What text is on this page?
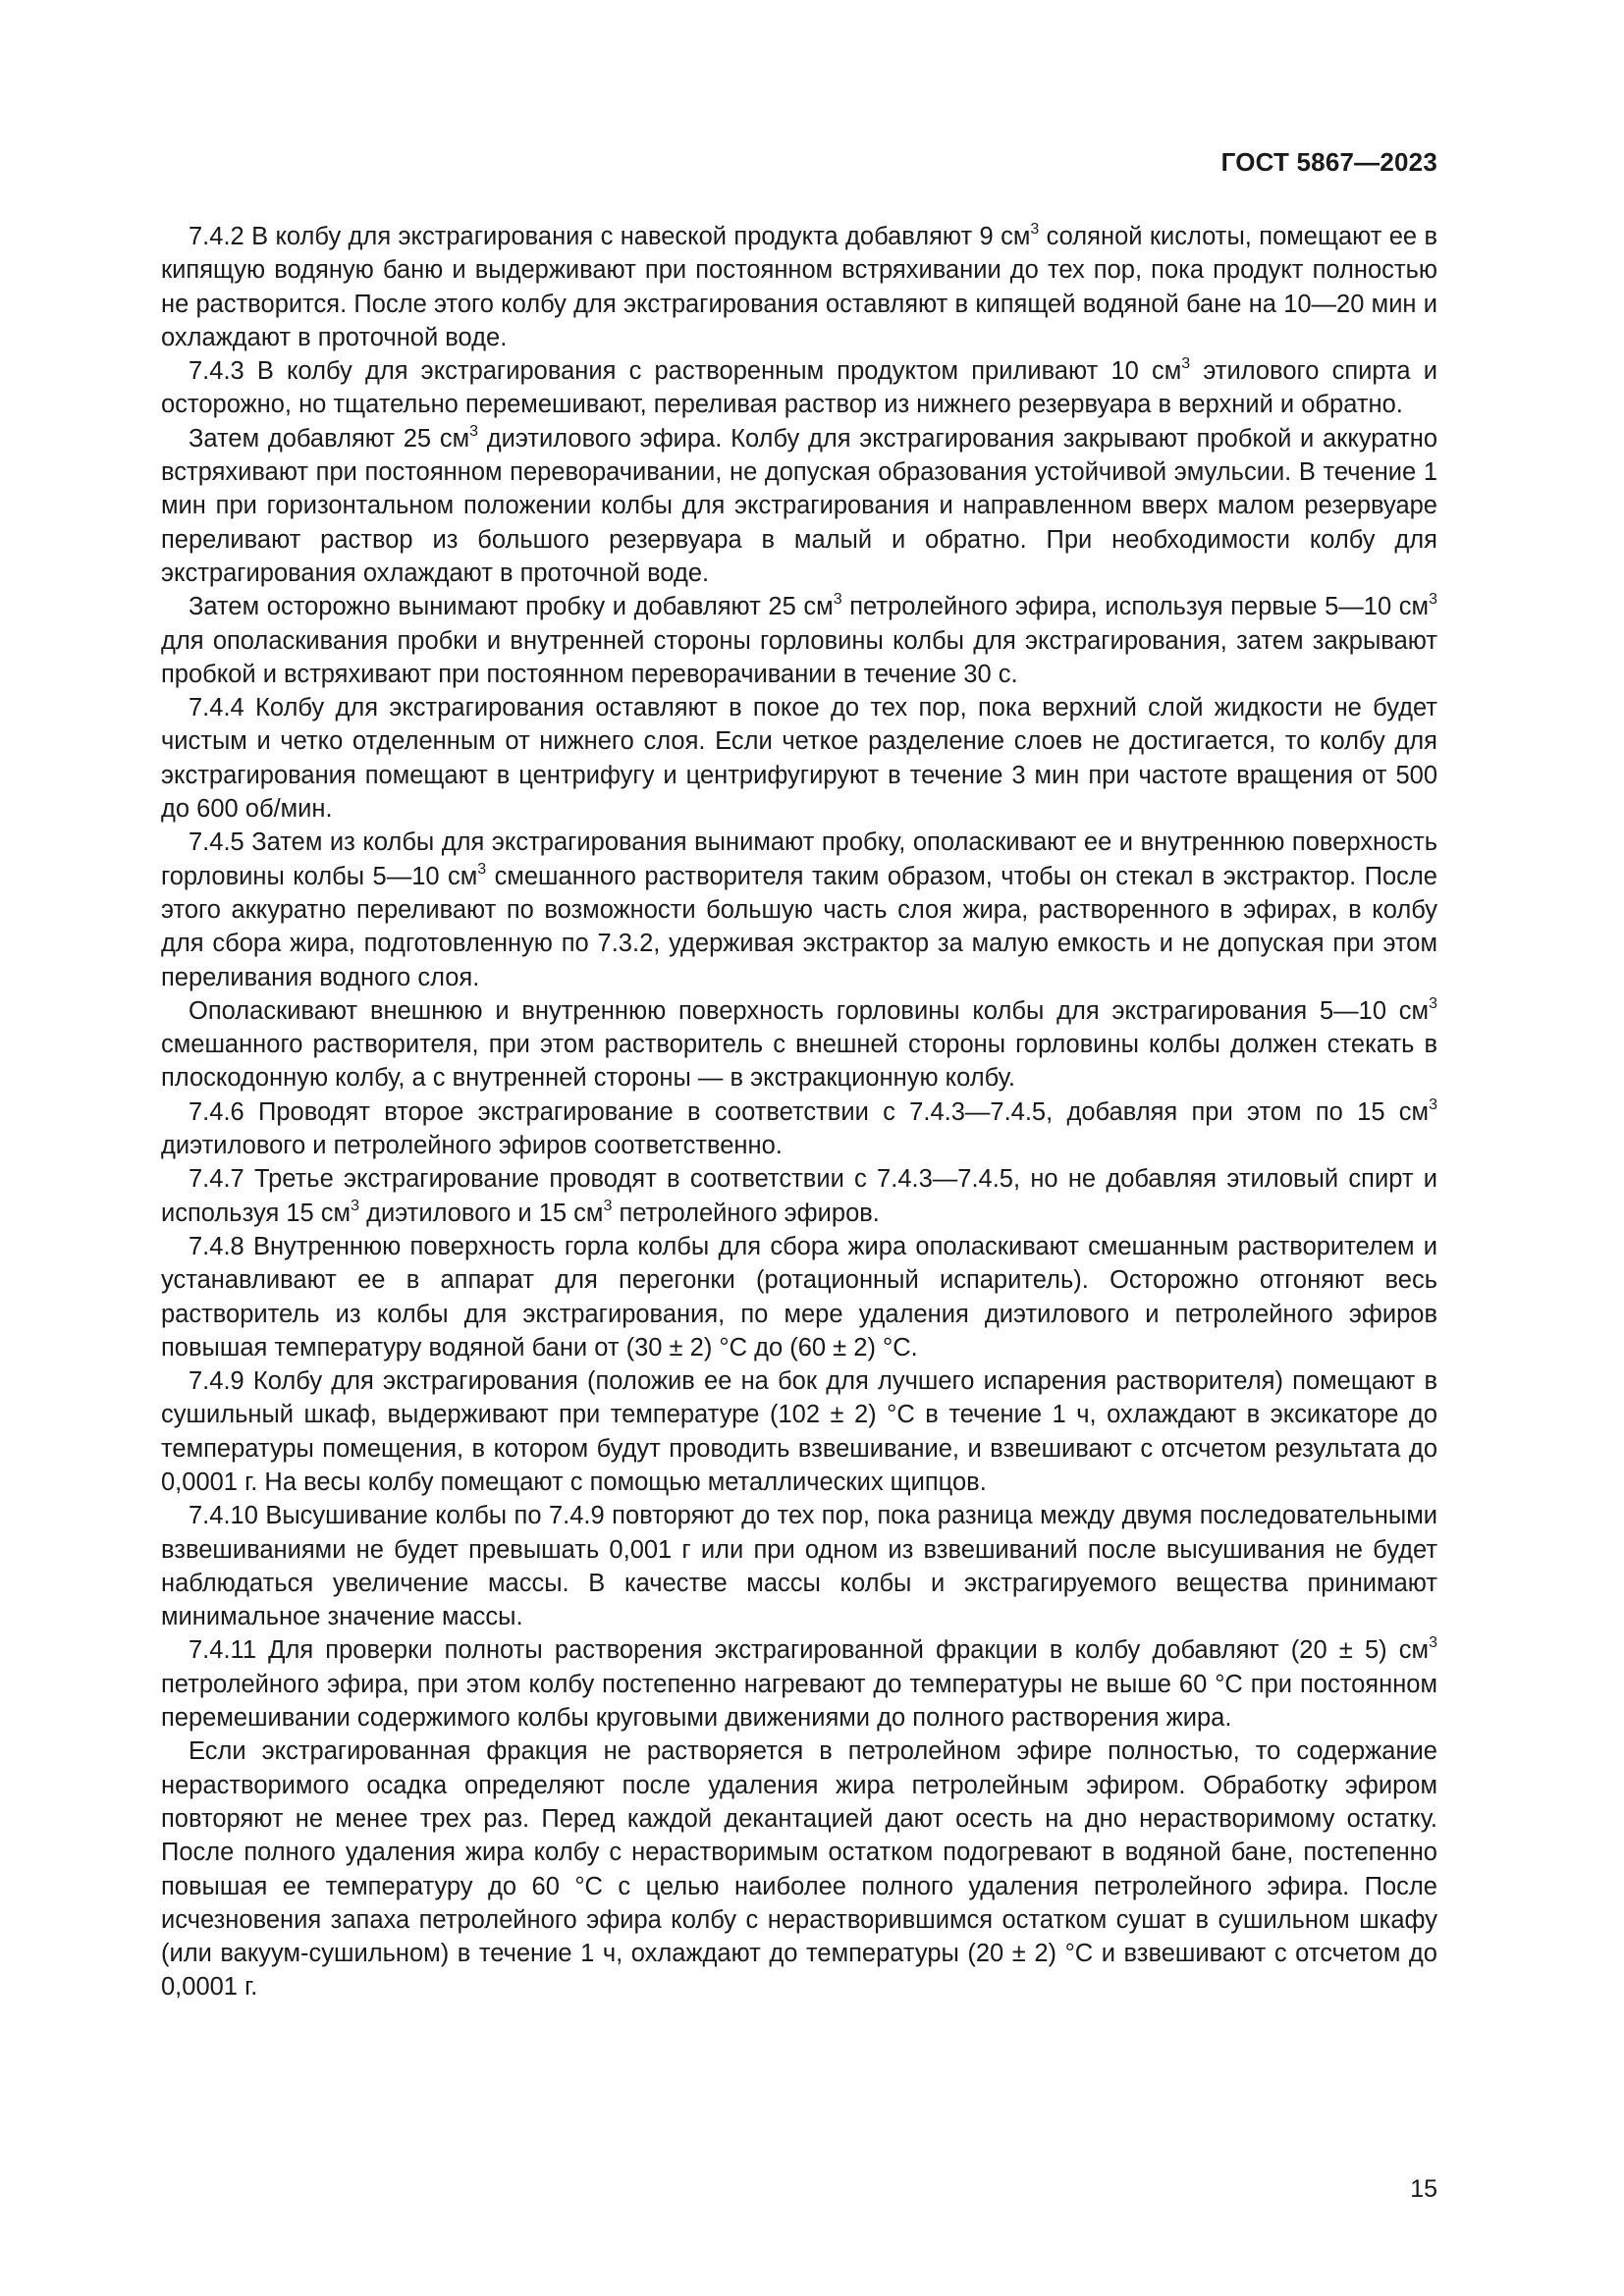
ГОСТ 5867—2023

7.4.2 В колбу для экстрагирования с навеской продукта добавляют 9 $см^3$ соляной кислоты, помещают ее в кипящую водяную баню и выдерживают при постоянном встряхивании до тех пор, пока продукт полностью не растворится. После этого колбу для экстрагирования оставляют в кипящей водяной бане на 10—20 мин и охлаждают в проточной воде.

7.4.3 В колбу для экстрагирования с растворенным продуктом приливают 10 $см^3$ этилового спирта и осторожно, но тщательно перемешивают, переливая раствор из нижнего резервуара в верхний и обратно.

Затем добавляют 25 $см^3$ диэтилового эфира. Колбу для экстрагирования закрывают пробкой и аккуратно встряхивают при постоянном переворачивании, не допуская образования устойчивой эмульсии. В течение 1 мин при горизонтальном положении колбы для экстрагирования и направленном вверх малом резервуаре переливают раствор из большого резервуара в малый и обратно. При необходимости колбу для экстрагирования охлаждают в проточной воде.

Затем осторожно вынимают пробку и добавляют 25 $см^3$ петролейного эфира, используя первые 5—10 $см^3$ для ополаскивания пробки и внутренней стороны горловины колбы для экстрагирования, затем закрывают пробкой и встряхивают при постоянном переворачивании в течение 30 с.

7.4.4 Колбу для экстрагирования оставляют в покое до тех пор, пока верхний слой жидкости не будет чистым и четко отделенным от нижнего слоя. Если четкое разделение слоев не достигается, то колбу для экстрагирования помещают в центрифугу и центрифугируют в течение 3 мин при частоте вращения от 500 до 600 об/мин.

7.4.5 Затем из колбы для экстрагирования вынимают пробку, ополаскивают ее и внутреннюю поверхность горловины колбы 5—10 $см^3$ смешанного растворителя таким образом, чтобы он стекал в экстрактор. После этого аккуратно переливают по возможности большую часть слоя жира, растворенного в эфирах, в колбу для сбора жира, подготовленную по 7.3.2, удерживая экстрактор за малую емкость и не допуская при этом переливания водного слоя.

Ополаскивают внешнюю и внутреннюю поверхность горловины колбы для экстрагирования 5—10 $см^3$ смешанного растворителя, при этом растворитель с внешней стороны горловины колбы должен стекать в плоскодонную колбу, а с внутренней стороны — в экстракционную колбу.

7.4.6 Проводят второе экстрагирование в соответствии с 7.4.3—7.4.5, добавляя при этом по 15 $см^3$ диэтилового и петролейного эфиров соответственно.

7.4.7 Третье экстрагирование проводят в соответствии с 7.4.3—7.4.5, но не добавляя этиловый спирт и используя 15 $см^3$ диэтилового и 15 $см^3$ петролейного эфиров.

7.4.8 Внутреннюю поверхность горла колбы для сбора жира ополаскивают смешанным растворителем и устанавливают ее в аппарат для перегонки (ротационный испаритель). Осторожно отгоняют весь растворитель из колбы для экстрагирования, по мере удаления диэтилового и петролейного эфиров повышая температуру водяной бани от (30 ± 2) °С до (60 ± 2) °С.

7.4.9 Колбу для экстрагирования (положив ее на бок для лучшего испарения растворителя) помещают в сушильный шкаф, выдерживают при температуре (102 ± 2) °С в течение 1 ч, охлаждают в эксикаторе до температуры помещения, в котором будут проводить взвешивание, и взвешивают с отсчетом результата до 0,0001 г. На весы колбу помещают с помощью металлических щипцов.

7.4.10 Высушивание колбы по 7.4.9 повторяют до тех пор, пока разница между двумя последовательными взвешиваниями не будет превышать 0,001 г или при одном из взвешиваний после высушивания не будет наблюдаться увеличение массы. В качестве массы колбы и экстрагируемого вещества принимают минимальное значение массы.

7.4.11 Для проверки полноты растворения экстрагированной фракции в колбу добавляют (20 ± 5) $см^3$ петролейного эфира, при этом колбу постепенно нагревают до температуры не выше 60 °С при постоянном перемешивании содержимого колбы круговыми движениями до полного растворения жира.

Если экстрагированная фракция не растворяется в петролейном эфире полностью, то содержание нерастворимого осадка определяют после удаления жира петролейным эфиром. Обработку эфиром повторяют не менее трех раз. Перед каждой декантацией дают осесть на дно нерастворимому остатку. После полного удаления жира колбу с нерастворимым остатком подогревают в водяной бане, постепенно повышая ее температуру до 60 °С с целью наиболее полного удаления петролейного эфира. После исчезновения запаха петролейного эфира колбу с нерастворившимся остатком сушат в сушильном шкафу (или вакуум-сушильном) в течение 1 ч, охлаждают до температуры (20 ± 2) °С и взвешивают с отсчетом до 0,0001 г.

15
